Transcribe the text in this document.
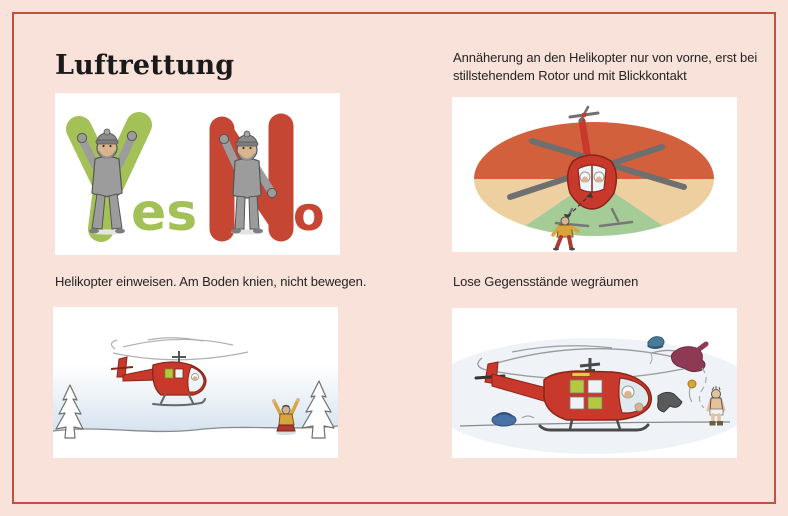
Luftrettung	Annäherung an den Helikopter nur von vorne, erst bei stillstehendem Rotor und mit Blickkontakt
Helikopter einweisen. Am Boden knien, nicht bewegen.	Lose Gegensstände wegräumen
es o
